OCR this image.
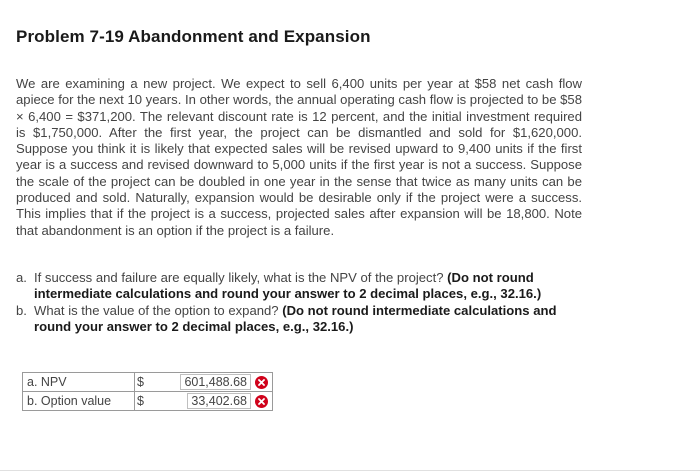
Problem 7-19 Abandonment and Expansion
We are examining a new project. We expect to sell 6,400 units per year at $58 net cash flow apiece for the next 10 years. In other words, the annual operating cash flow is projected to be $58 × 6,400 = $371,200. The relevant discount rate is 12 percent, and the initial investment required is $1,750,000. After the first year, the project can be dismantled and sold for $1,620,000. Suppose you think it is likely that expected sales will be revised upward to 9,400 units if the first year is a success and revised downward to 5,000 units if the first year is not a success. Suppose the scale of the project can be doubled in one year in the sense that twice as many units can be produced and sold. Naturally, expansion would be desirable only if the project were a success. This implies that if the project is a success, projected sales after expansion will be 18,800. Note that abandonment is an option if the project is a failure.
a. If success and failure are equally likely, what is the NPV of the project? (Do not round intermediate calculations and round your answer to 2 decimal places, e.g., 32.16.)
b. What is the value of the option to expand? (Do not round intermediate calculations and round your answer to 2 decimal places, e.g., 32.16.)
a. NPV	$	601,488.68

b. Option value	$	33,402.68
